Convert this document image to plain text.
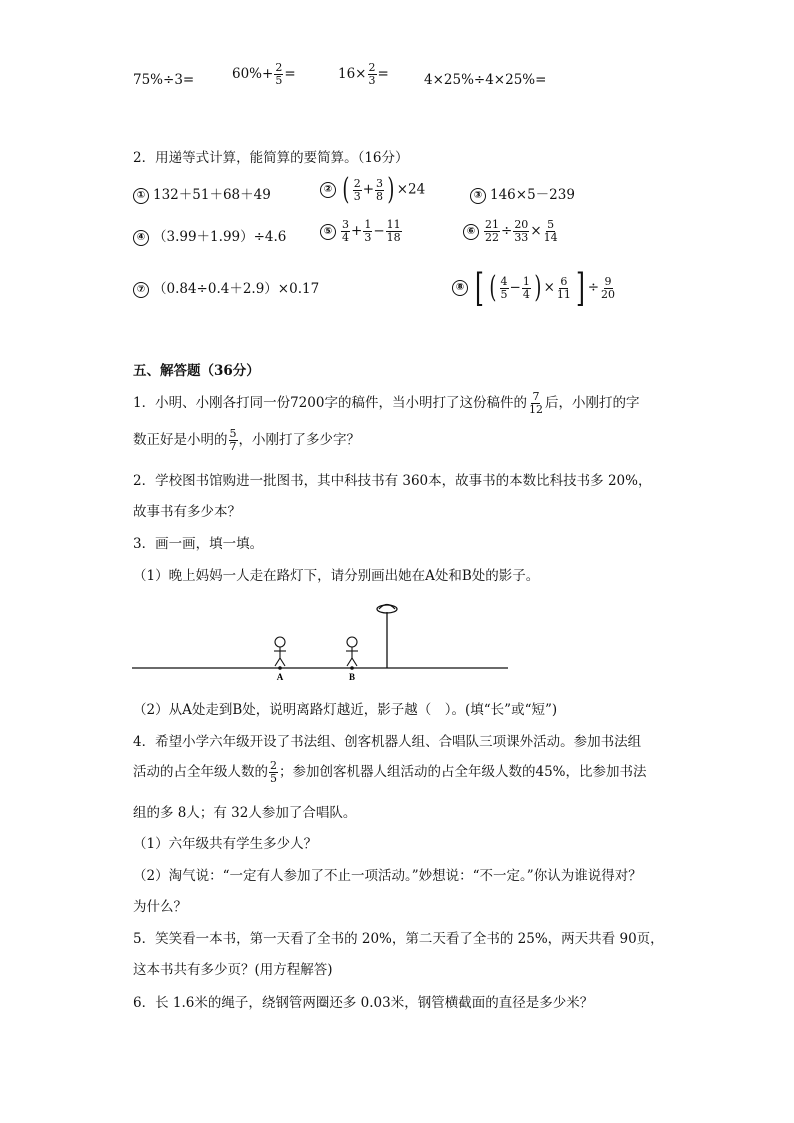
75%÷3=	$60\%+ \frac{2}{5}$ =	$16\times \frac{2}{3}$ =	4×25%÷4×25%=
2．用递等式计算，能简算的要简算。（16分）
① 132＋51＋68＋49	② ( $\frac{2}{3} + \frac{3}{8}$ ) ×24	③ 146×5－239
④ （3.99＋1.99）÷4.6	⑤ $\frac{3}{4} + \frac{1}{3} - \frac{11}{18}$	⑥ $\frac{21}{22} \div \frac{20}{33} \times \frac{5}{14}$
⑦ （0.84÷0.4＋2.9）×0.17	⑧ [ ( $\frac{4}{5} - \frac{1}{4}$ ) × $\frac{6}{11}$ ] ÷ $\frac{9}{20}$
五、解答题（36分）
1．小明、小刚各打同一份7200字的稿件，当小明打了这份稿件的 $\frac{7}{12}$ 后，小刚打的字
数正好是小明的 $\frac{5}{7}$ ，小刚打了多少字？
2．学校图书馆购进一批图书，其中科技书有 360本，故事书的本数比科技书多 20%，
故事书有多少本？
3．画一画，填一填。
（1）晚上妈妈一人走在路灯下，请分别画出她在A处和B处的影子。
A	B
（2）从A处走到B处，说明离路灯越近，影子越（　）。(填“长”或“短”)
4．希望小学六年级开设了书法组、创客机器人组、合唱队三项课外活动。参加书法组
活动的占全年级人数的 $\frac{2}{5}$ ；参加创客机器人组活动的占全年级人数的45%，比参加书法
组的多 8人；有 32人参加了合唱队。
（1）六年级共有学生多少人？
（2）淘气说：“一定有人参加了不止一项活动。”妙想说：“不一定。”你认为谁说得对？
为什么？
5．笑笑看一本书，第一天看了全书的 20%，第二天看了全书的 25%，两天共看 90页，
这本书共有多少页？(用方程解答)
6．长 1.6米的绳子，绕钢管两圈还多 0.03米，钢管横截面的直径是多少米？
